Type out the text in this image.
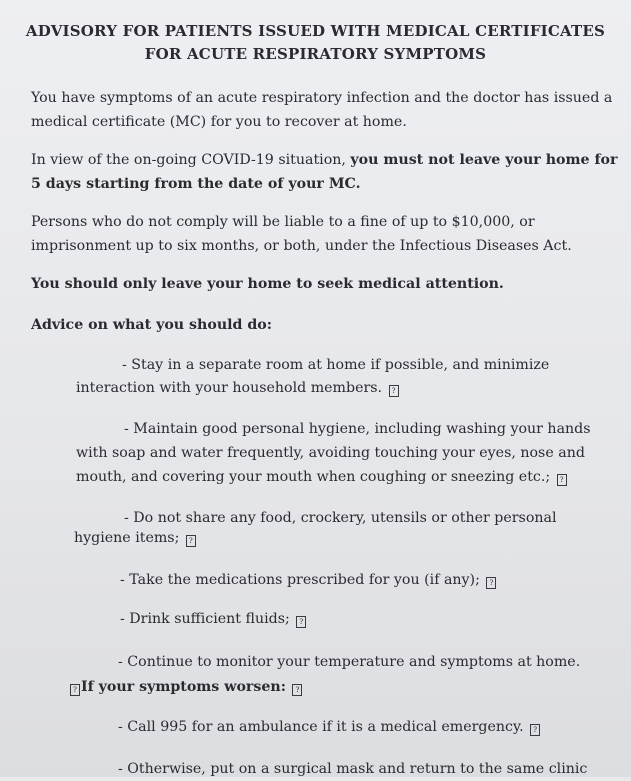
ADVISORY FOR PATIENTS ISSUED WITH MEDICAL CERTIFICATES
FOR ACUTE RESPIRATORY SYMPTOMS
You have symptoms of an acute respiratory infection and the doctor has issued a
medical certificate (MC) for you to recover at home.
In view of the on-going COVID-19 situation, you must not leave your home for
5 days starting from the date of your MC.
Persons who do not comply will be liable to a fine of up to $10,000, or
imprisonment up to six months, or both, under the Infectious Diseases Act.
You should only leave your home to seek medical attention.
Advice on what you should do:
- Stay in a separate room at home if possible, and minimize
interaction with your household members. ?
- Maintain good personal hygiene, including washing your hands
with soap and water frequently, avoiding touching your eyes, nose and
mouth, and covering your mouth when coughing or sneezing etc.; ?
- Do not share any food, crockery, utensils or other personal
hygiene items; ?
- Take the medications prescribed for you (if any); ?
- Drink sufficient fluids; ?
- Continue to monitor your temperature and symptoms at home.
? If your symptoms worsen: ?
- Call 995 for an ambulance if it is a medical emergency. ?
- Otherwise, put on a surgical mask and return to the same clinic
